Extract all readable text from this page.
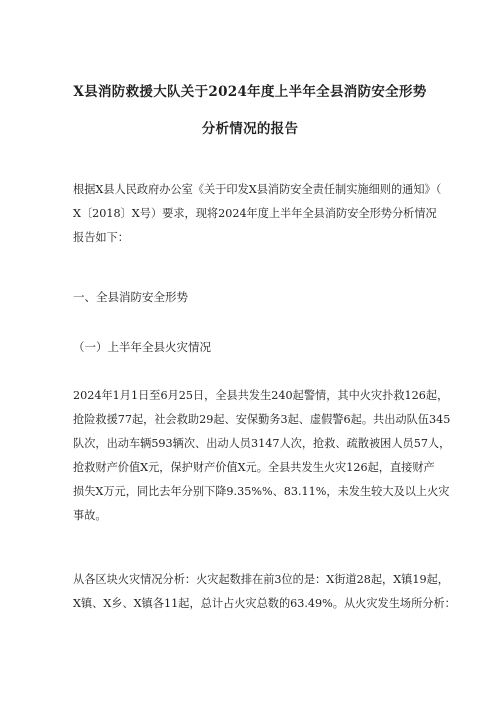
X县消防救援大队关于2024年度上半年全县消防安全形势
分析情况的报告

根据X县人民政府办公室《关于印发X县消防安全责任制实施细则的通知》（
X〔2018〕X号）要求，现将2024年度上半年全县消防安全形势分析情况
报告如下：

一、全县消防安全形势

（一）上半年全县火灾情况

2024年1月1日至6月25日，全县共发生240起警情，其中火灾扑救126起，
抢险救援77起，社会救助29起、安保勤务3起、虚假警6起。共出动队伍345
队次，出动车辆593辆次、出动人员3147人次，抢救、疏散被困人员57人，
抢救财产价值X元，保护财产价值X元。全县共发生火灾126起，直接财产
损失X万元，同比去年分别下降9.35%%、83.11%，未发生较大及以上火灾
事故。

从各区块火灾情况分析：火灾起数排在前3位的是：X街道28起，X镇19起，
X镇、X乡、X镇各11起，总计占火灾总数的63.49%。从火灾发生场所分析：
